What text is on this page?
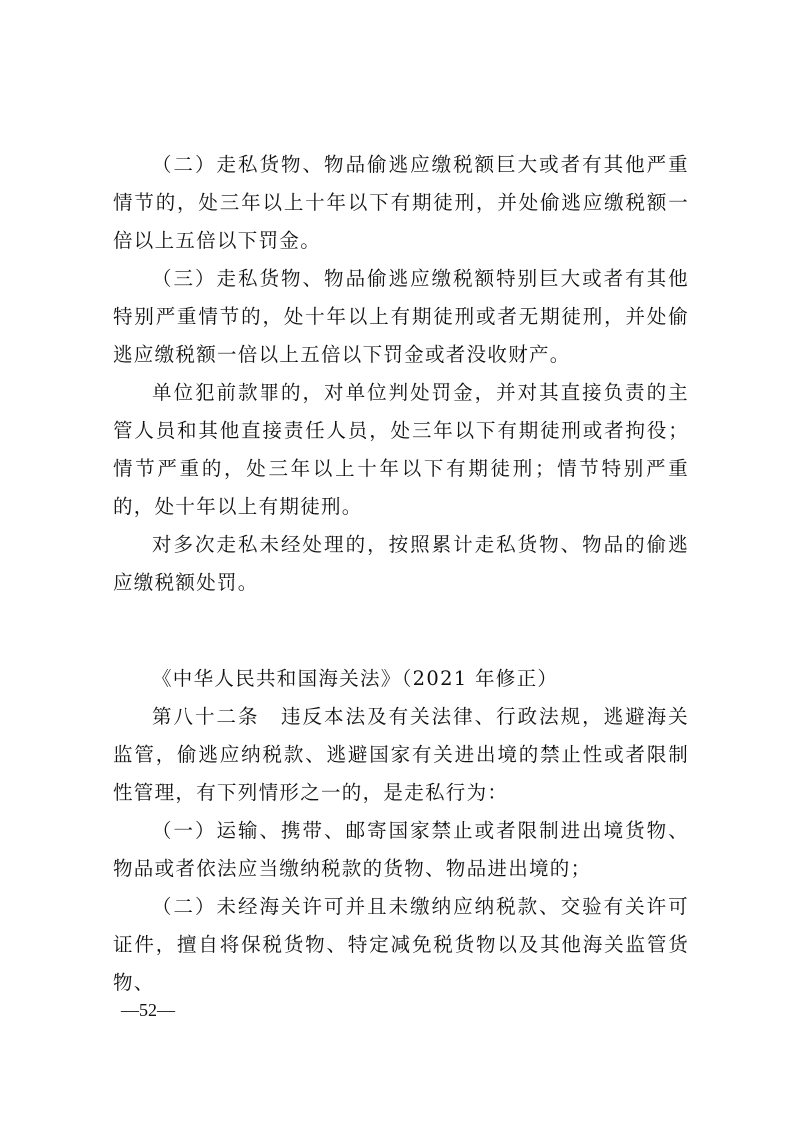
（二）走私货物、物品偷逃应缴税额巨大或者有其他严重情节的，处三年以上十年以下有期徒刑，并处偷逃应缴税额一倍以上五倍以下罚金。

（三）走私货物、物品偷逃应缴税额特别巨大或者有其他特别严重情节的，处十年以上有期徒刑或者无期徒刑，并处偷逃应缴税额一倍以上五倍以下罚金或者没收财产。

单位犯前款罪的，对单位判处罚金，并对其直接负责的主管人员和其他直接责任人员，处三年以下有期徒刑或者拘役；情节严重的，处三年以上十年以下有期徒刑；情节特别严重的，处十年以上有期徒刑。

对多次走私未经处理的，按照累计走私货物、物品的偷逃应缴税额处罚。

《中华人民共和国海关法》（2021 年修正）

第八十二条　违反本法及有关法律、行政法规，逃避海关监管，偷逃应纳税款、逃避国家有关进出境的禁止性或者限制性管理，有下列情形之一的，是走私行为：

（一）运输、携带、邮寄国家禁止或者限制进出境货物、物品或者依法应当缴纳税款的货物、物品进出境的；

（二）未经海关许可并且未缴纳应纳税款、交验有关许可证件，擅自将保税货物、特定减免税货物以及其他海关监管货物、

—52—
